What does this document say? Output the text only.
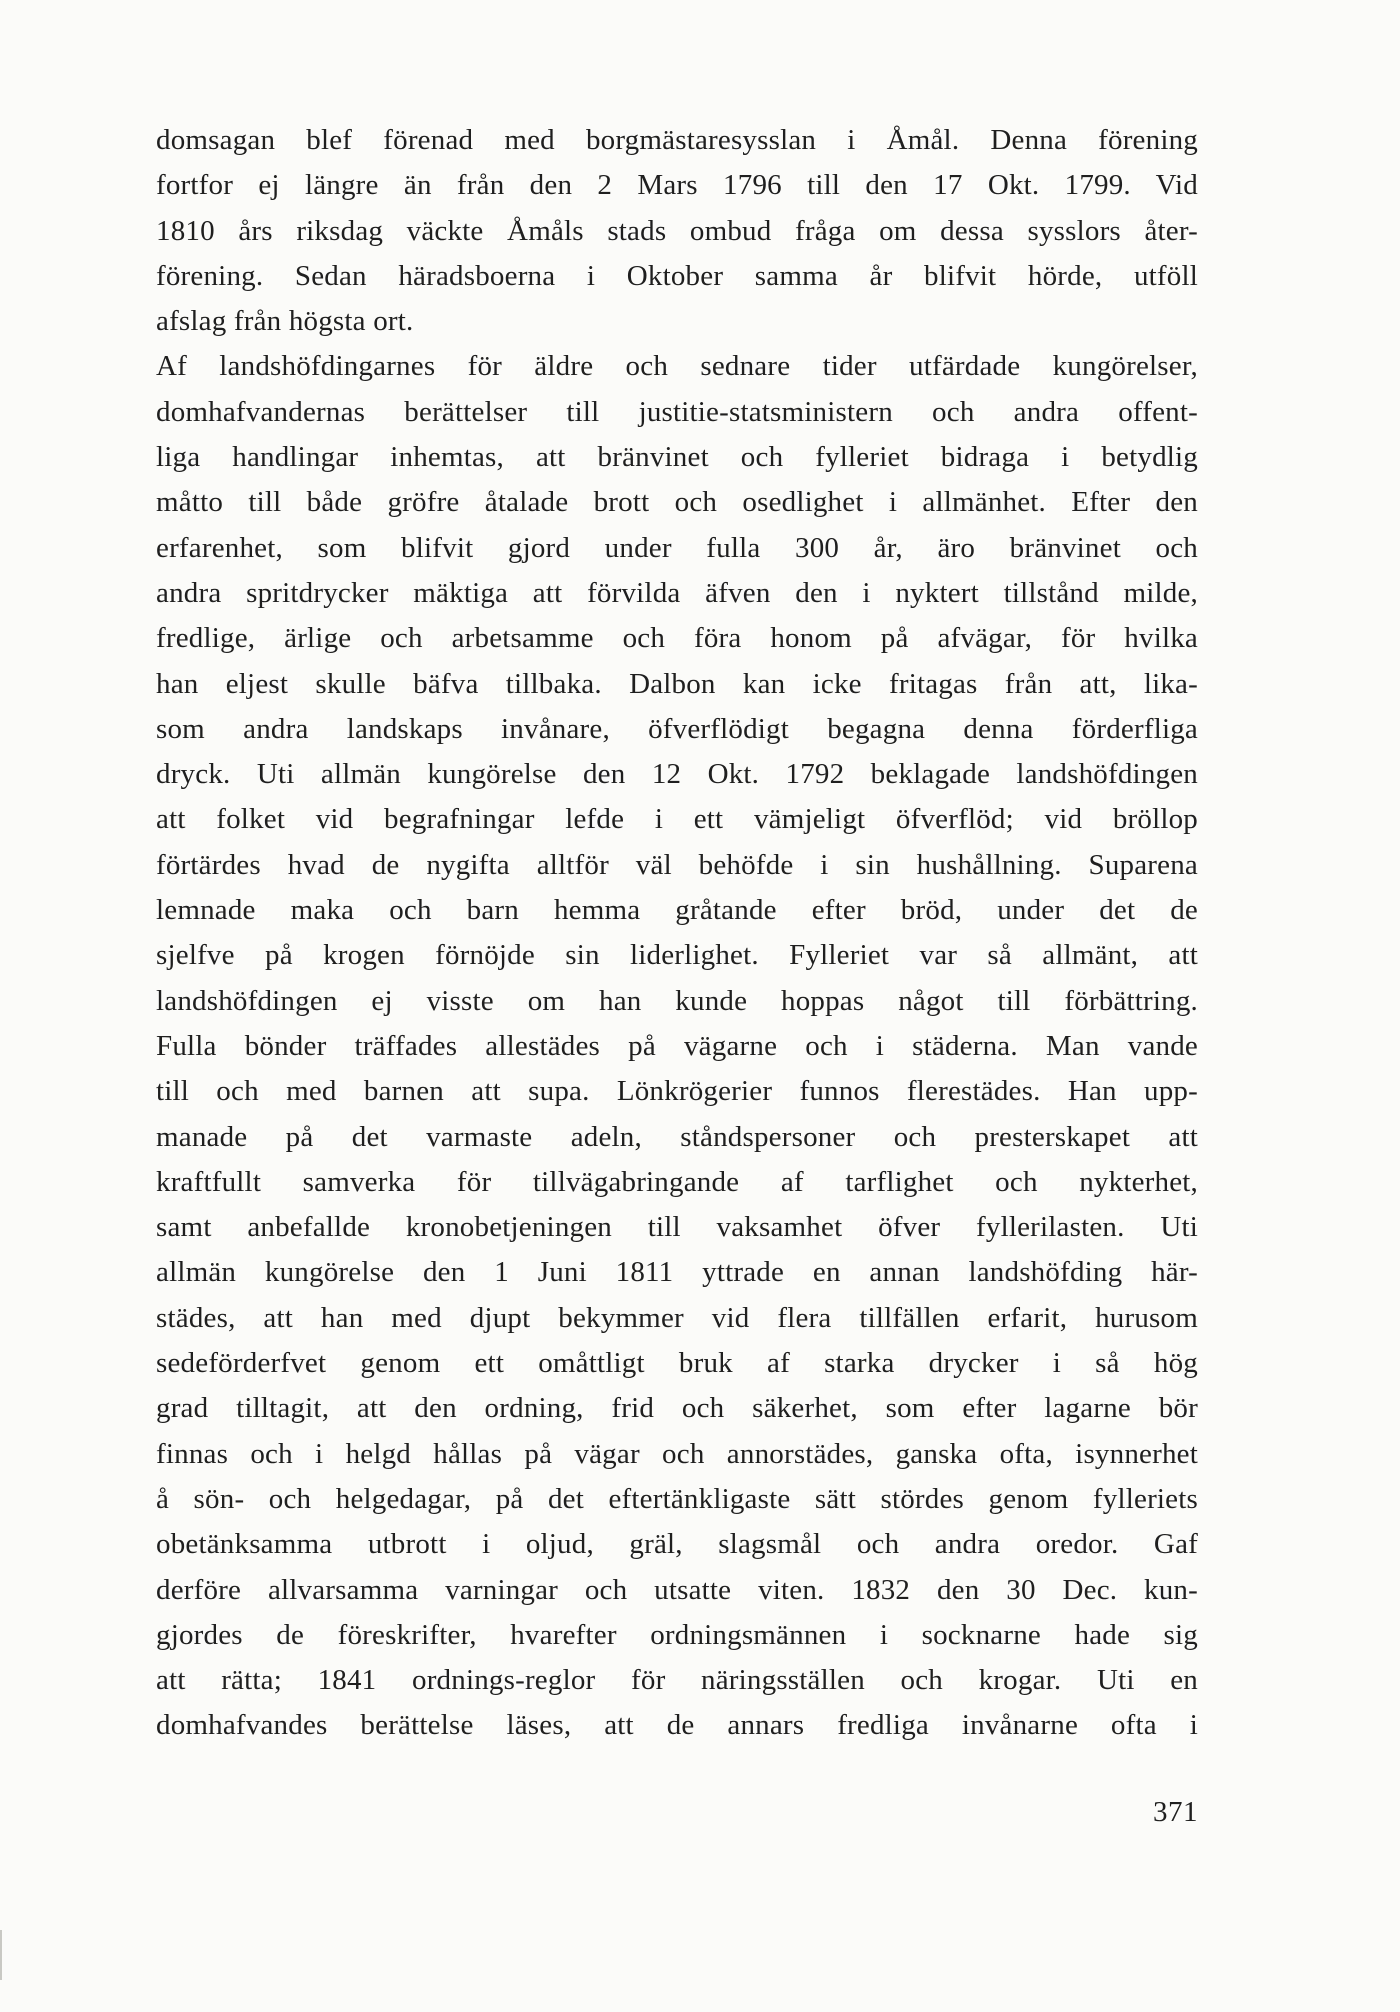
domsagan blef förenad med borgmästaresysslan i Åmål. Denna förening
fortfor ej längre än från den 2 Mars 1796 till den 17 Okt. 1799. Vid
1810 års riksdag väckte Åmåls stads ombud fråga om dessa sysslors åter-
förening. Sedan häradsboerna i Oktober samma år blifvit hörde, utföll
afslag från högsta ort.
Af landshöfdingarnes för äldre och sednare tider utfärdade kungörelser,
domhafvandernas berättelser till justitie-statsministern och andra offent-
liga handlingar inhemtas, att bränvinet och fylleriet bidraga i betydlig
måtto till både gröfre åtalade brott och osedlighet i allmänhet. Efter den
erfarenhet, som blifvit gjord under fulla 300 år, äro bränvinet och
andra spritdrycker mäktiga att förvilda äfven den i nyktert tillstånd milde,
fredlige, ärlige och arbetsamme och föra honom på afvägar, för hvilka
han eljest skulle bäfva tillbaka. Dalbon kan icke fritagas från att, lika-
som andra landskaps invånare, öfverflödigt begagna denna förderfliga
dryck. Uti allmän kungörelse den 12 Okt. 1792 beklagade landshöfdingen
att folket vid begrafningar lefde i ett vämjeligt öfverflöd; vid bröllop
förtärdes hvad de nygifta alltför väl behöfde i sin hushållning. Suparena
lemnade maka och barn hemma gråtande efter bröd, under det de
sjelfve på krogen förnöjde sin liderlighet. Fylleriet var så allmänt, att
landshöfdingen ej visste om han kunde hoppas något till förbättring.
Fulla bönder träffades allestädes på vägarne och i städerna. Man vande
till och med barnen att supa. Lönkrögerier funnos flerestädes. Han upp-
manade på det varmaste adeln, ståndspersoner och presterskapet att
kraftfullt samverka för tillvägabringande af tarflighet och nykterhet,
samt anbefallde kronobetjeningen till vaksamhet öfver fyllerilasten. Uti
allmän kungörelse den 1 Juni 1811 yttrade en annan landshöfding här-
städes, att han med djupt bekymmer vid flera tillfällen erfarit, hurusom
sedeförderfvet genom ett omåttligt bruk af starka drycker i så hög
grad tilltagit, att den ordning, frid och säkerhet, som efter lagarne bör
finnas och i helgd hållas på vägar och annorstädes, ganska ofta, isynnerhet
å sön- och helgedagar, på det eftertänkligaste sätt stördes genom fylleriets
obetänksamma utbrott i oljud, gräl, slagsmål och andra oredor. Gaf
derföre allvarsamma varningar och utsatte viten. 1832 den 30 Dec. kun-
gjordes de föreskrifter, hvarefter ordningsmännen i socknarne hade sig
att rätta; 1841 ordnings-reglor för näringsställen och krogar. Uti en
domhafvandes berättelse läses, att de annars fredliga invånarne ofta i
371
